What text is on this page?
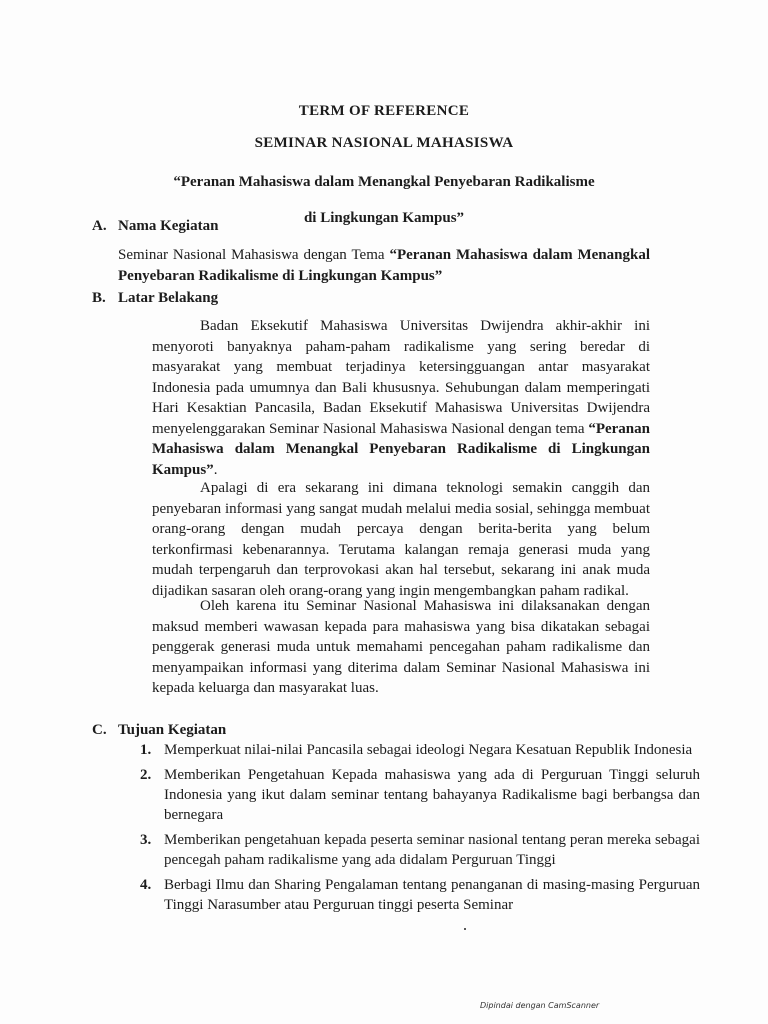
TERM OF REFERENCE
SEMINAR NASIONAL MAHASISWA
“Peranan Mahasiswa dalam Menangkal Penyebaran Radikalisme
di Lingkungan Kampus”
A. Nama Kegiatan
Seminar Nasional Mahasiswa dengan Tema “Peranan Mahasiswa dalam Menangkal Penyebaran Radikalisme di Lingkungan Kampus”
B. Latar Belakang
Badan Eksekutif Mahasiswa Universitas Dwijendra akhir-akhir ini menyoroti banyaknya paham-paham radikalisme yang sering beredar di masyarakat yang membuat terjadinya ketersingguangan antar masyarakat Indonesia pada umumnya dan Bali khususnya. Sehubungan dalam memperingati Hari Kesaktian Pancasila, Badan Eksekutif Mahasiswa Universitas Dwijendra menyelenggarakan Seminar Nasional Mahasiswa Nasional dengan tema “Peranan Mahasiswa dalam Menangkal Penyebaran Radikalisme di Lingkungan Kampus”.
Apalagi di era sekarang ini dimana teknologi semakin canggih dan penyebaran informasi yang sangat mudah melalui media sosial, sehingga membuat orang-orang dengan mudah percaya dengan berita-berita yang belum terkonfirmasi kebenarannya. Terutama kalangan remaja generasi muda yang mudah terpengaruh dan terprovokasi akan hal tersebut, sekarang ini anak muda dijadikan sasaran oleh orang-orang yang ingin mengembangkan paham radikal.
Oleh karena itu Seminar Nasional Mahasiswa ini dilaksanakan dengan maksud memberi wawasan kepada para mahasiswa yang bisa dikatakan sebagai penggerak generasi muda untuk memahami pencegahan paham radikalisme dan menyampaikan informasi yang diterima dalam Seminar Nasional Mahasiswa ini kepada keluarga dan masyarakat luas.
C. Tujuan Kegiatan
1. Memperkuat nilai-nilai Pancasila sebagai ideologi Negara Kesatuan Republik Indonesia
2. Memberikan Pengetahuan Kepada mahasiswa yang ada di Perguruan Tinggi seluruh Indonesia yang ikut dalam seminar tentang bahayanya Radikalisme bagi berbangsa dan bernegara
3. Memberikan pengetahuan kepada peserta seminar nasional tentang peran mereka sebagai pencegah paham radikalisme yang ada didalam Perguruan Tinggi
4. Berbagi Ilmu dan Sharing Pengalaman tentang penanganan di masing-masing Perguruan Tinggi Narasumber atau Perguruan tinggi peserta Seminar
Dipindai dengan CamScanner
